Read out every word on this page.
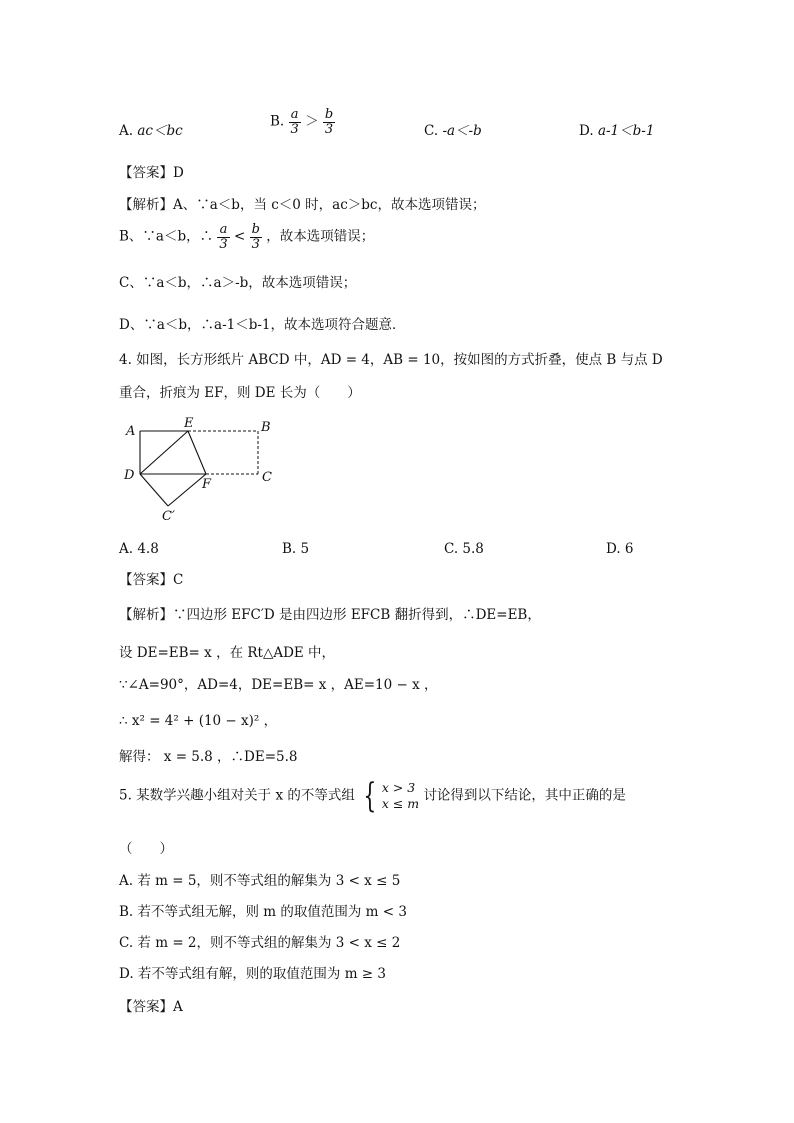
A. ac＜bc
B. $\frac{a}{3} > \frac{b}{3}$	C. -a＜-b	D. a-1＜b-1
【答案】D
【解析】A、∵a＜b，当 c＜0 时，ac＞bc，故本选项错误；
B、∵a＜b，∴ $\frac{a}{3} < \frac{b}{3}$ ，故本选项错误；
C、∵a＜b，∴a＞-b，故本选项错误；
D、∵a＜b，∴a-1＜b-1，故本选项符合题意．
4. 如图，长方形纸片 ABCD 中，AD = 4，AB = 10，按如图的方式折叠，使点 B 与点 D
重合，折痕为 EF，则 DE 长为（　　）
A
E	B
D
F	C
C′
A. 4.8	B. 5	C. 5.8	D. 6
【答案】C
【解析】∵四边形 EFC′D 是由四边形 EFCB 翻折得到，∴DE=EB，
设 DE=EB= x ，在 Rt△ADE 中，
∵∠A=90°，AD=4，DE=EB= x ，AE=10 − x ，
∴ x² = 4² + (10 − x)² ，
解得： x = 5.8 ，∴DE=5.8
5. 某数学兴趣小组对关于 x 的不等式组 { x > 3
x ≤ m 讨论得到以下结论，其中正确的是
（　　）
A. 若 m = 5，则不等式组的解集为 3 < x ≤ 5
B. 若不等式组无解，则 m 的取值范围为 m < 3
C. 若 m = 2，则不等式组的解集为 3 < x ≤ 2
D. 若不等式组有解，则的取值范围为 m ≥ 3
【答案】A
